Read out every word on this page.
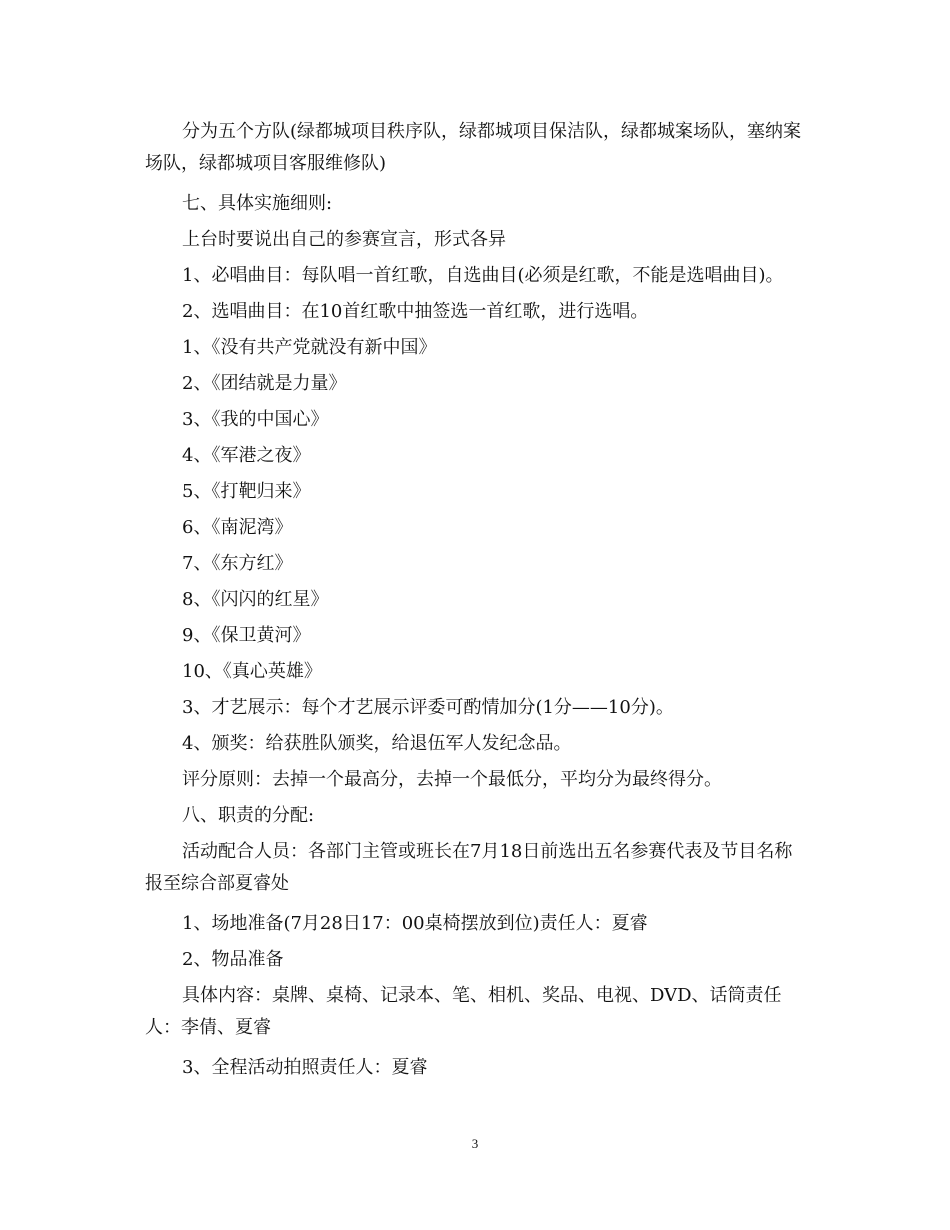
分为五个方队(绿都城项目秩序队，绿都城项目保洁队，绿都城案场队，塞纳案场队，绿都城项目客服维修队)

七、具体实施细则:

上台时要说出自己的参赛宣言，形式各异

1、必唱曲目：每队唱一首红歌，自选曲目(必须是红歌，不能是选唱曲目)。

2、选唱曲目：在10首红歌中抽签选一首红歌，进行选唱。

1、《没有共产党就没有新中国》

2、《团结就是力量》

3、《我的中国心》

4、《军港之夜》

5、《打靶归来》

6、《南泥湾》

7、《东方红》

8、《闪闪的红星》

9、《保卫黄河》

10、《真心英雄》

3、才艺展示：每个才艺展示评委可酌情加分(1分——10分)。

4、颁奖：给获胜队颁奖，给退伍军人发纪念品。

评分原则：去掉一个最高分，去掉一个最低分，平均分为最终得分。

八、职责的分配:

活动配合人员：各部门主管或班长在7月18日前选出五名参赛代表及节目名称报至综合部夏睿处

1、场地准备(7月28日17：00桌椅摆放到位)责任人：夏睿

2、物品准备

具体内容：桌牌、桌椅、记录本、笔、相机、奖品、电视、DVD、话筒责任人：李倩、夏睿

3、全程活动拍照责任人：夏睿

3
